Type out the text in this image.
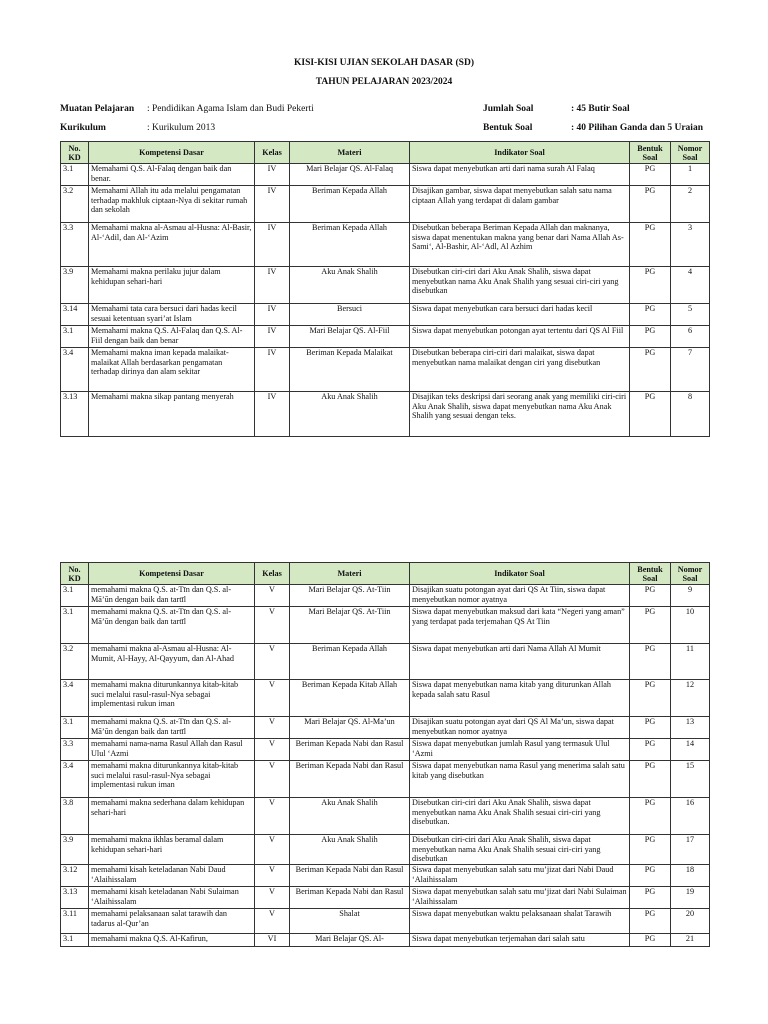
KISI-KISI UJIAN SEKOLAH DASAR (SD)
TAHUN PELAJARAN 2023/2024
Muatan Pelajaran : Pendidikan Agama Islam dan Budi Pekerti
Kurikulum	: Kurikulum 2013
Jumlah Soal	: 45 Butir Soal
Bentuk Soal	: 40 Pilihan Ganda dan 5 Uraian
No. KD	Kompetensi Dasar	Kelas	Materi	Indikator Soal	Bentuk Soal	Nomor Soal
3.1	Memahami Q.S. Al-Falaq dengan baik dan benar.	IV	Mari Belajar QS. Al-Falaq	Siswa dapat menyebutkan arti dari nama surah Al Falaq	PG	1
3.2	Memahami Allah itu ada melalui pengamatan terhadap makhluk ciptaan-Nya di sekitar rumah dan sekolah	IV	Beriman Kepada Allah	Disajikan gambar, siswa dapat menyebutkan salah satu nama ciptaan Allah yang terdapat di dalam gambar	PG	2
3.3	Memahami makna al-Asmau al-Husna: Al-Basir, Al-‘Adil, dan Al-‘Azim	IV	Beriman Kepada Allah	Disebutkan beberapa Beriman Kepada Allah dan maknanya, siswa dapat menentukan makna yang benar dari Nama Allah As-Sami‘, Al-Bashir, Al-‘Adl, Al Azhim	PG	3
3.9	Memahami makna perilaku jujur dalam kehidupan sehari-hari	IV	Aku Anak Shalih	Disebutkan ciri-ciri dari Aku Anak Shalih, siswa dapat menyebutkan nama Aku Anak Shalih yang sesuai ciri-ciri yang disebutkan	PG	4
3.14	Memahami tata cara bersuci dari hadas kecil sesuai ketentuan syari’at Islam	IV	Bersuci	Siswa dapat menyebutkan cara bersuci dari hadas kecil	PG	5
3.1	Memahami makna Q.S. Al-Falaq dan Q.S. Al-Fiil dengan baik dan benar	IV	Mari Belajar QS. Al-Fiil	Siswa dapat menyebutkan potongan ayat tertentu dari QS Al Fiil	PG	6
3.4	Memahami makna iman kepada malaikat-malaikat Allah berdasarkan pengamatan terhadap dirinya dan alam sekitar	IV	Beriman Kepada Malaikat	Disebutkan beberapa ciri-ciri dari malaikat, siswa dapat menyebutkan nama malaikat dengan ciri yang disebutkan	PG	7
3.13	Memahami makna sikap pantang menyerah	IV	Aku Anak Shalih	Disajikan teks deskripsi dari seorang anak yang memiliki ciri-ciri Aku Anak Shalih, siswa dapat menyebutkan nama Aku Anak Shalih yang sesuai dengan teks.	PG	8
No. KD	Kompetensi Dasar	Kelas	Materi	Indikator Soal	Bentuk Soal	Nomor Soal
3.1	memahami makna Q.S. at-Tīn dan Q.S. al-Mā’ūn dengan baik dan tartīl	V	Mari Belajar QS. At-Tiin	Disajikan suatu potongan ayat dari QS At Tiin, siswa dapat menyebutkan nomor ayatnya	PG	9
3.1	memahami makna Q.S. at-Tīn dan Q.S. al-Mā’ūn dengan baik dan tartīl	V	Mari Belajar QS. At-Tiin	Siswa dapat menyebutkan maksud dari kata “Negeri yang aman” yang terdapat pada terjemahan QS At Tiin	PG	10
3.2	memahami makna al-Asmau al-Husna: Al-Mumit, Al-Hayy, Al-Qayyum, dan Al-Ahad	V	Beriman Kepada Allah	Siswa dapat menyebutkan arti dari Nama Allah Al Mumit	PG	11
3.4	memahami makna diturunkannya kitab-kitab suci melalui rasul-rasul-Nya sebagai implementasi rukun iman	V	Beriman Kepada Kitab Allah	Siswa dapat menyebutkan nama kitab yang diturunkan Allah kepada salah satu Rasul	PG	12
3.1	memahami makna Q.S. at-Tīn dan Q.S. al-Mā’ūn dengan baik dan tartīl	V	Mari Belajar QS. Al-Ma’un	Disajikan suatu potongan ayat dari QS Al Ma’un, siswa dapat menyebutkan nomor ayatnya	PG	13
3.3	memahami nama-nama Rasul Allah dan Rasul Ulul ‘Azmi	V	Beriman Kepada Nabi dan Rasul	Siswa dapat menyebutkan jumlah Rasul yang termasuk Ulul ‘Azmi	PG	14
3.4	memahami makna diturunkannya kitab-kitab suci melalui rasul-rasul-Nya sebagai implementasi rukun iman	V	Beriman Kepada Nabi dan Rasul	Siswa dapat menyebutkan nama Rasul yang menerima salah satu kitab yang disebutkan	PG	15
3.8	memahami makna sederhana dalam kehidupan sehari-hari	V	Aku Anak Shalih	Disebutkan ciri-ciri dari Aku Anak Shalih, siswa dapat menyebutkan nama Aku Anak Shalih sesuai ciri-ciri yang disebutkan.	PG	16
3.9	memahami makna ikhlas beramal dalam kehidupan sehari-hari	V	Aku Anak Shalih	Disebutkan ciri-ciri dari Aku Anak Shalih, siswa dapat menyebutkan nama Aku Anak Shalih sesuai ciri-ciri yang disebutkan	PG	17
3.12	memahami kisah keteladanan Nabi Daud ‘Alaihissalam	V	Beriman Kepada Nabi dan Rasul	Siswa dapat menyebutkan salah satu mu’jizat dari Nabi Daud ‘Alaihissalam	PG	18
3.13	memahami kisah keteladanan Nabi Sulaiman ‘Alaihissalam	V	Beriman Kepada Nabi dan Rasul	Siswa dapat menyebutkan salah satu mu’jizat dari Nabi Sulaiman ‘Alaihissalam	PG	19
3.11	memahami pelaksanaan salat tarawih dan tadarus al-Qur’an	V	Shalat	Siswa dapat menyebutkan waktu pelaksanaan shalat Tarawih	PG	20
3.1	memahami makna Q.S. Al-Kafirun,	VI	Mari Belajar QS. Al-	Siswa dapat menyebutkan terjemahan dari salah satu	PG	21
